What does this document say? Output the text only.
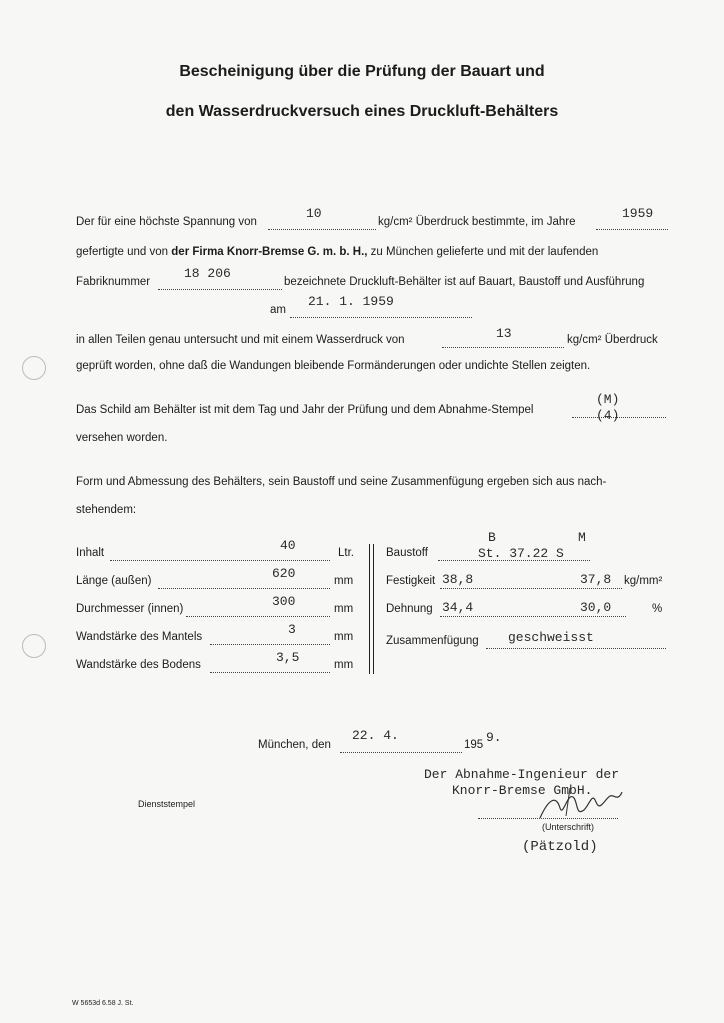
Bescheinigung über die Prüfung der Bauart und
den Wasserdruckversuch eines Druckluft-Behälters
Der für eine höchste Spannung von
10
kg/cm² Überdruck bestimmte, im Jahre
1959
gefertigte und von der Firma Knorr-Bremse G. m. b. H., zu München gelieferte und mit der laufenden
Fabriknummer
18 206
bezeichnete Druckluft-Behälter ist auf Bauart, Baustoff und Ausführung
am
21. 1. 1959
in allen Teilen genau untersucht und mit einem Wasserdruck von	13	kg/cm² Überdruck
geprüft worden, ohne daß die Wandungen bleibende Formänderungen oder undichte Stellen zeigten.
Das Schild am Behälter ist mit dem Tag und Jahr der Prüfung und dem Abnahme-Stempel
(M)
(4)
versehen worden.
Form und Abmessung des Behälters, sein Baustoff und seine Zusammenfügung ergeben sich aus nach-
stehendem:
Inhalt	40	Ltr.
Länge (außen)	620	mm
Durchmesser (innen)	300	mm
Wandstärke des Mantels	3	mm
Wandstärke des Bodens	3,5	mm
B	M
Baustoff	St. 37.22 S
Festigkeit 38,8	37,8 kg/mm²
Dehnung 34,4	30,0	%
Zusammenfügung geschweisst
München, den
22. 4.
195 9.
Der Abnahme-Ingenieur der
Knorr-Bremse GmbH.
Dienststempel
(Unterschrift)
(Pätzold)
W 5653d 6.58 J. St.
